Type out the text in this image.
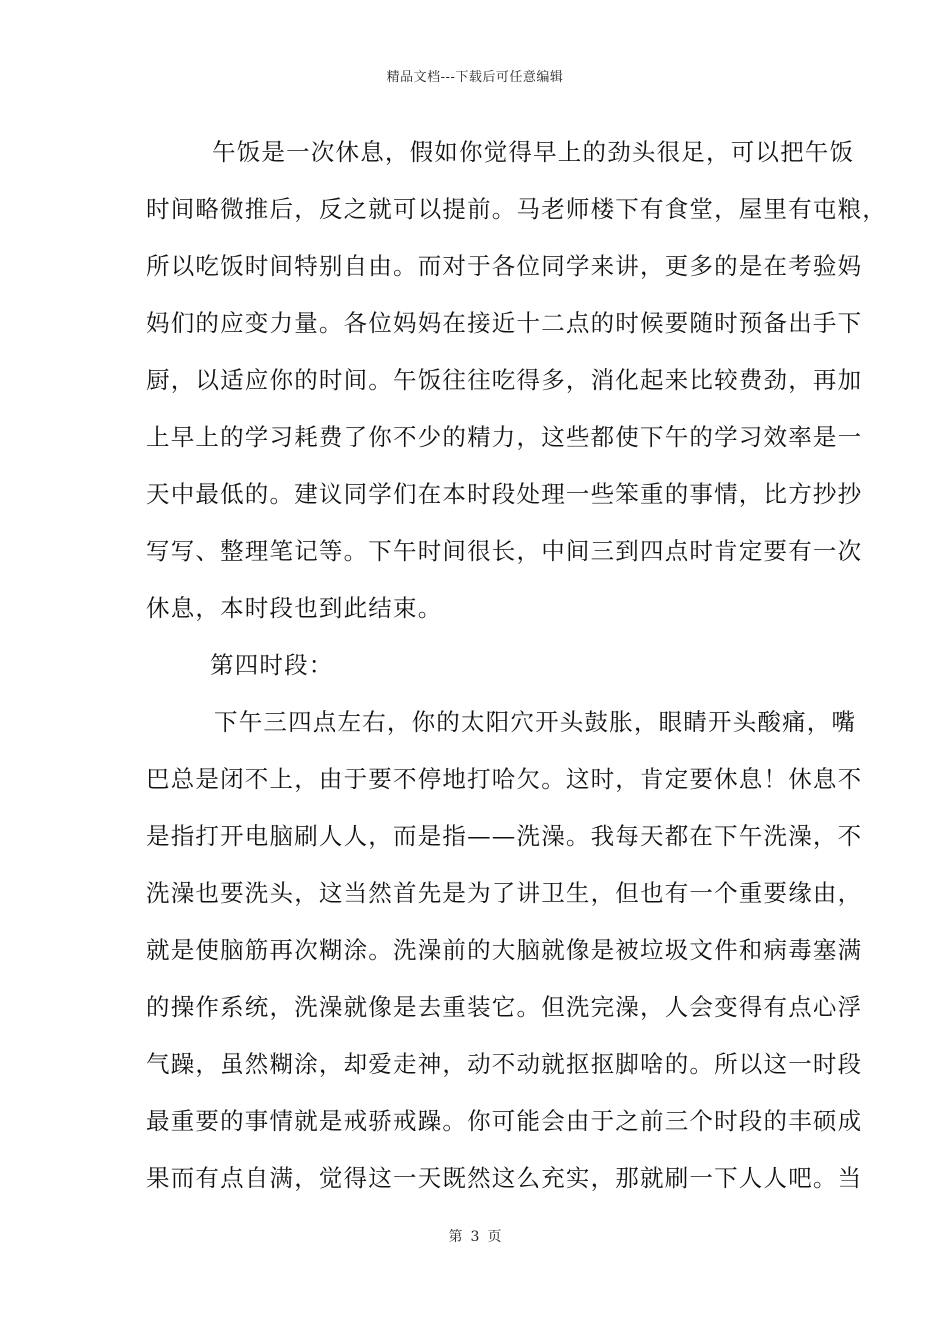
精品文档---下载后可任意编辑
午饭是一次休息，假如你觉得早上的劲头很足，可以把午饭
时间略微推后，反之就可以提前。马老师楼下有食堂，屋里有屯粮，
所以吃饭时间特别自由。而对于各位同学来讲，更多的是在考验妈
妈们的应变力量。各位妈妈在接近十二点的时候要随时预备出手下
厨，以适应你的时间。午饭往往吃得多，消化起来比较费劲，再加
上早上的学习耗费了你不少的精力，这些都使下午的学习效率是一
天中最低的。建议同学们在本时段处理一些笨重的事情，比方抄抄
写写、整理笔记等。下午时间很长，中间三到四点时肯定要有一次
休息，本时段也到此结束。
第四时段：
下午三四点左右，你的太阳穴开头鼓胀，眼睛开头酸痛，嘴
巴总是闭不上，由于要不停地打哈欠。这时，肯定要休息！休息不
是指打开电脑刷人人，而是指——洗澡。我每天都在下午洗澡，不
洗澡也要洗头，这当然首先是为了讲卫生，但也有一个重要缘由，
就是使脑筋再次糊涂。洗澡前的大脑就像是被垃圾文件和病毒塞满
的操作系统，洗澡就像是去重装它。但洗完澡，人会变得有点心浮
气躁，虽然糊涂，却爱走神，动不动就抠抠脚啥的。所以这一时段
最重要的事情就是戒骄戒躁。你可能会由于之前三个时段的丰硕成
果而有点自满，觉得这一天既然这么充实，那就刷一下人人吧。当
第 3 页
